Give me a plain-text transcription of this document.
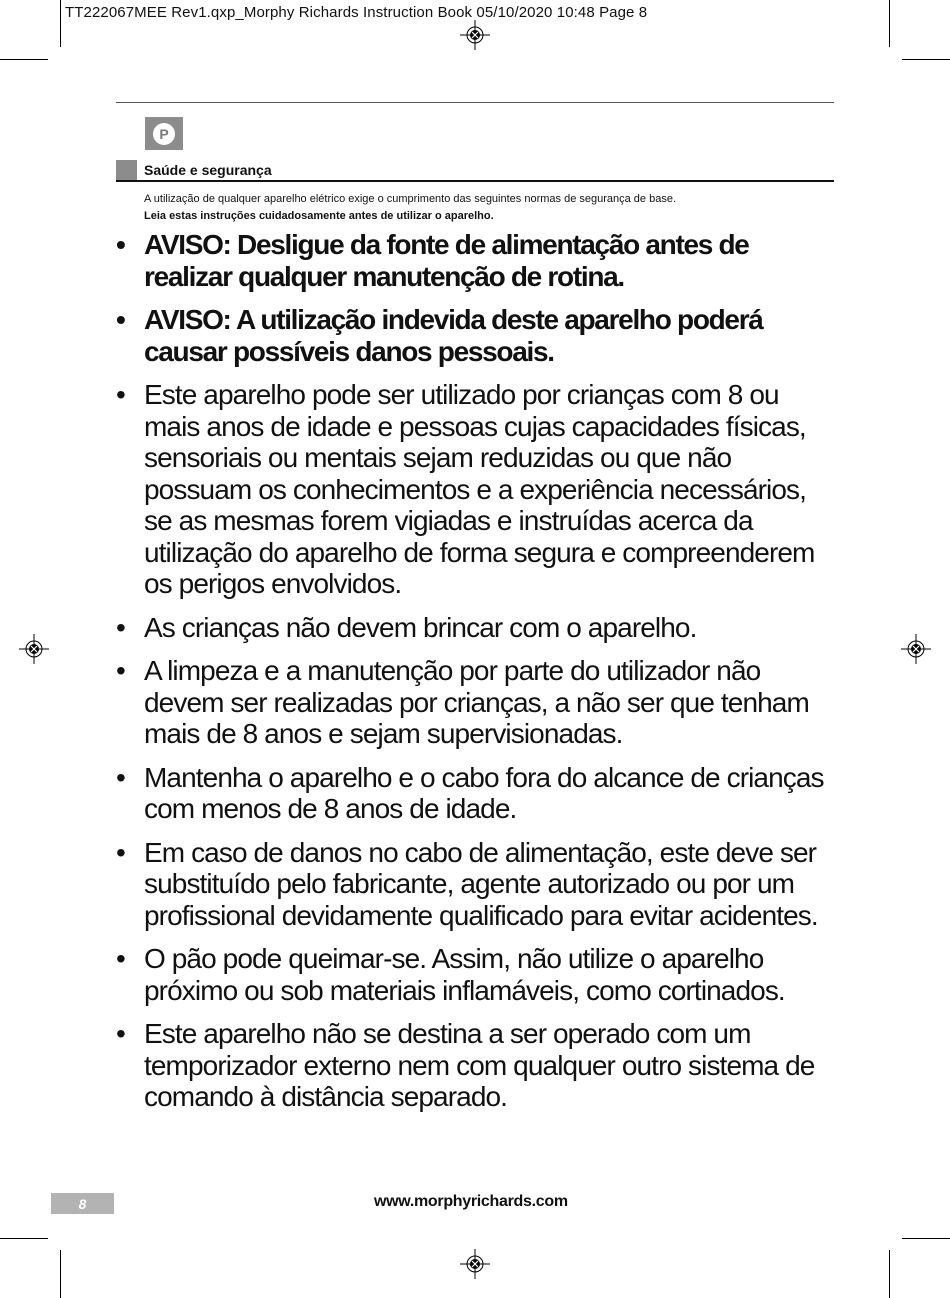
TT222067MEE Rev1.qxp_Morphy Richards Instruction Book 05/10/2020 10:48 Page 8
P
Saúde e segurança
A utilização de qualquer aparelho elétrico exige o cumprimento das seguintes normas de segurança de base.
Leia estas instruções cuidadosamente antes de utilizar o aparelho.
• AVISO: Desligue da fonte de alimentação antes de realizar qualquer manutenção de rotina.
• AVISO: A utilização indevida deste aparelho poderá causar possíveis danos pessoais.
• Este aparelho pode ser utilizado por crianças com 8 ou mais anos de idade e pessoas cujas capacidades físicas, sensoriais ou mentais sejam reduzidas ou que não possuam os conhecimentos e a experiência necessários, se as mesmas forem vigiadas e instruídas acerca da utilização do aparelho de forma segura e compreenderem os perigos envolvidos.
• As crianças não devem brincar com o aparelho.
• A limpeza e a manutenção por parte do utilizador não devem ser realizadas por crianças, a não ser que tenham mais de 8 anos e sejam supervisionadas.
• Mantenha o aparelho e o cabo fora do alcance de crianças com menos de 8 anos de idade.
• Em caso de danos no cabo de alimentação, este deve ser substituído pelo fabricante, agente autorizado ou por um profissional devidamente qualificado para evitar acidentes.
• O pão pode queimar-se. Assim, não utilize o aparelho próximo ou sob materiais inflamáveis, como cortinados.
• Este aparelho não se destina a ser operado com um temporizador externo nem com qualquer outro sistema de comando à distância separado.
8	www.morphyrichards.com
